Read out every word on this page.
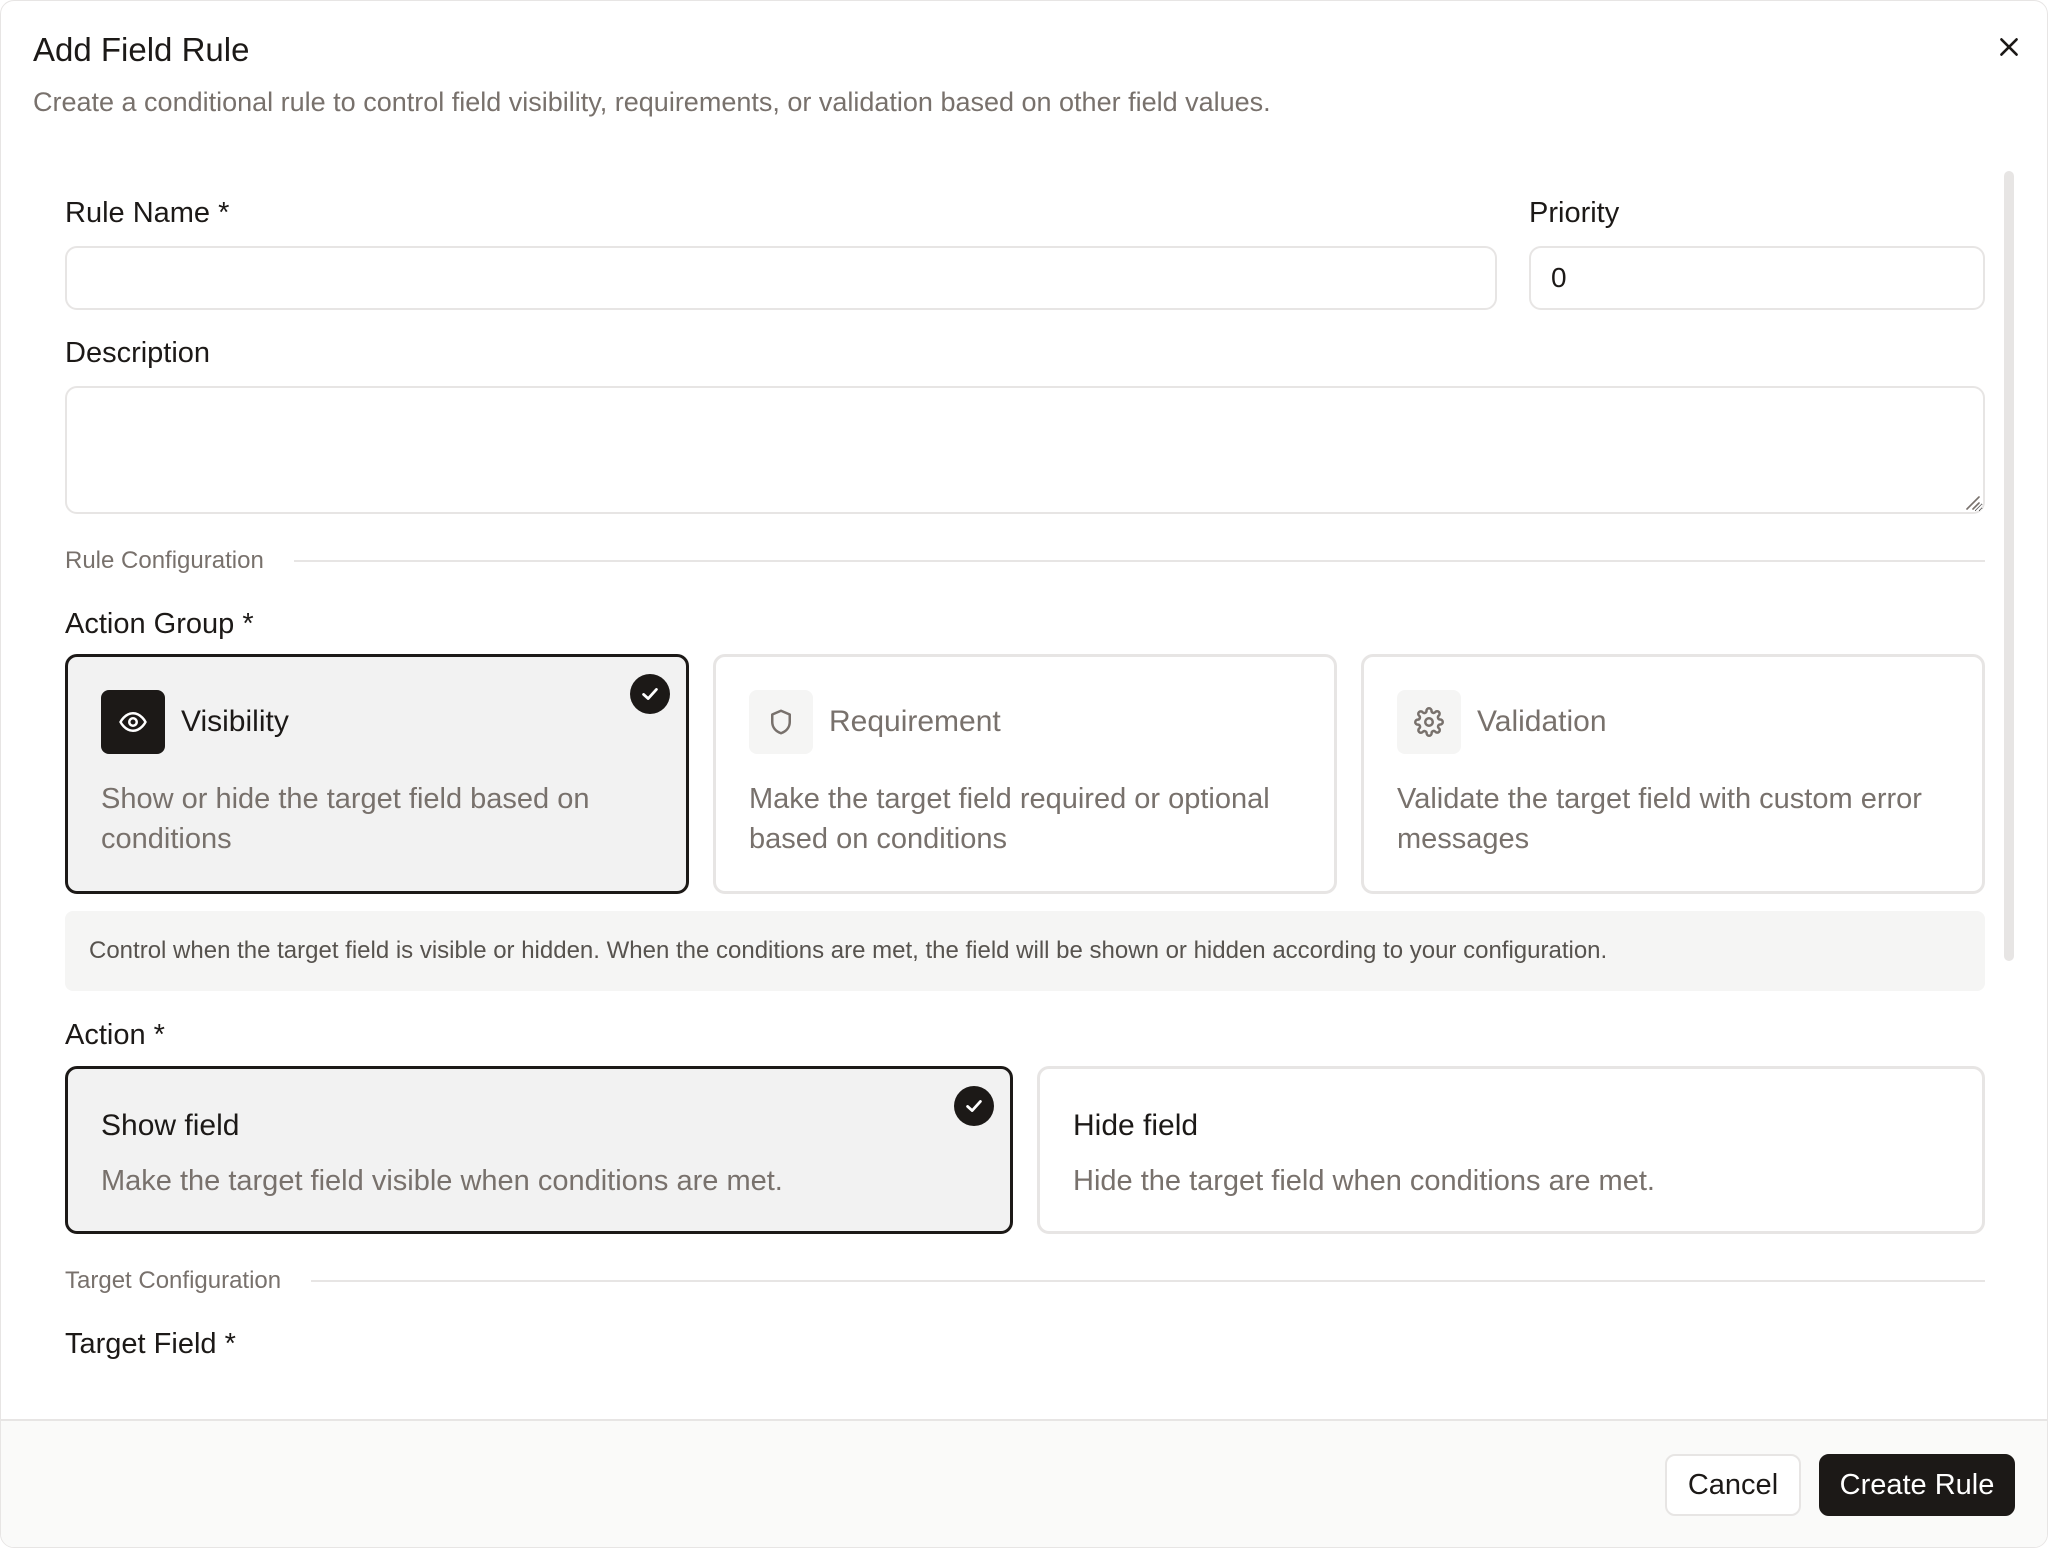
Add Field Rule

Create a conditional rule to control field visibility, requirements, or validation based on other field values.

Rule Name *	Priority
0
Description
Rule Configuration
Action Group *
Visibility
Show or hide the target field based on conditions
Requirement
Make the target field required or optional based on conditions
Validation
Validate the target field with custom error messages
Control when the target field is visible or hidden. When the conditions are met, the field will be shown or hidden according to your configuration.
Action *
Show field
Make the target field visible when conditions are met.
Hide field
Hide the target field when conditions are met.
Target Configuration
Target Field *
Cancel	Create Rule
